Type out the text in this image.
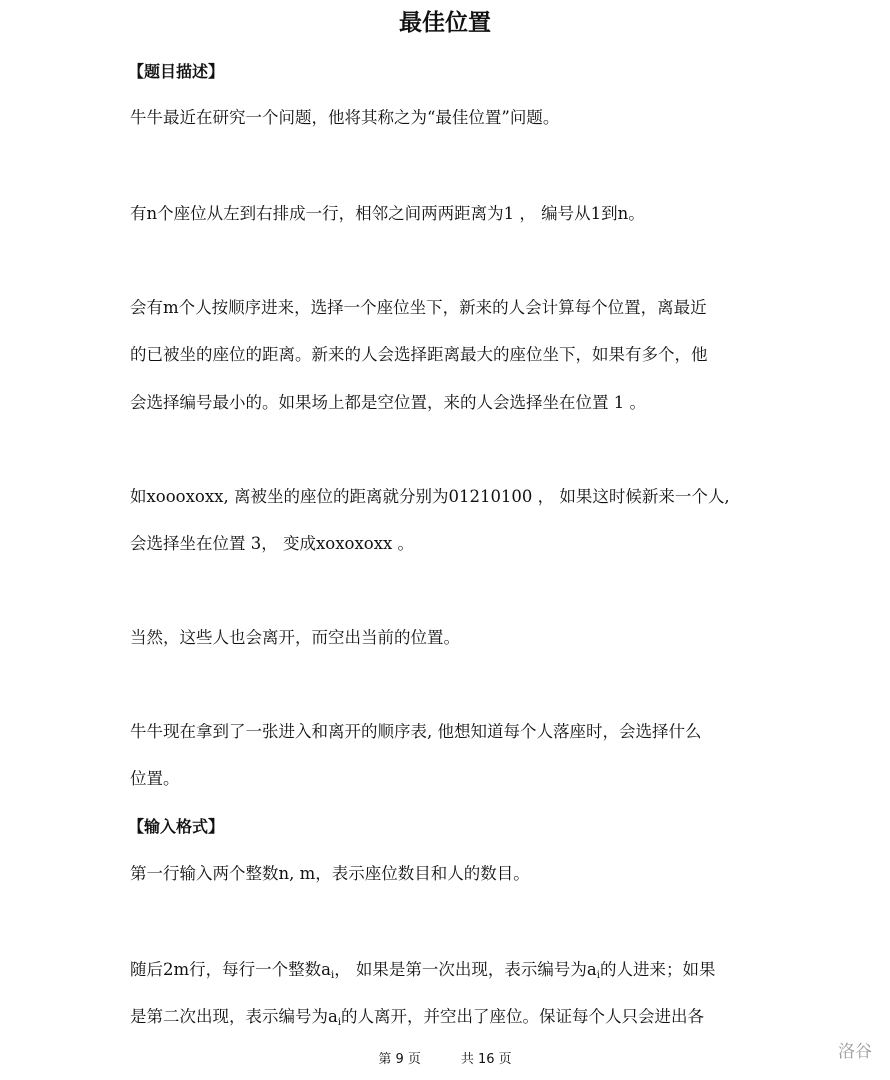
最佳位置
【题目描述】
牛牛最近在研究一个问题，他将其称之为“最佳位置”问题。
有n个座位从左到右排成一行，相邻之间两两距离为1 ， 编号从1到n。
会有m个人按顺序进来，选择一个座位坐下，新来的人会计算每个位置，离最近
的已被坐的座位的距离。新来的人会选择距离最大的座位坐下，如果有多个，他
会选择编号最小的。如果场上都是空位置，来的人会选择坐在位置 1 。
如xoooxoxx, 离被坐的座位的距离就分别为01210100 ， 如果这时候新来一个人,
会选择坐在位置 3， 变成xoxoxoxx 。
当然，这些人也会离开，而空出当前的位置。
牛牛现在拿到了一张进入和离开的顺序表, 他想知道每个人落座时，会选择什么
位置。
【输入格式】
第一行输入两个整数n, m，表示座位数目和人的数目。
随后2m行，每行一个整数$a_i$， 如果是第一次出现，表示编号为$a_i$的人进来；如果
是第二次出现，表示编号为$a_i$的人离开，并空出了座位。保证每个人只会进出各
第 9 页	共 16 页	洛谷
